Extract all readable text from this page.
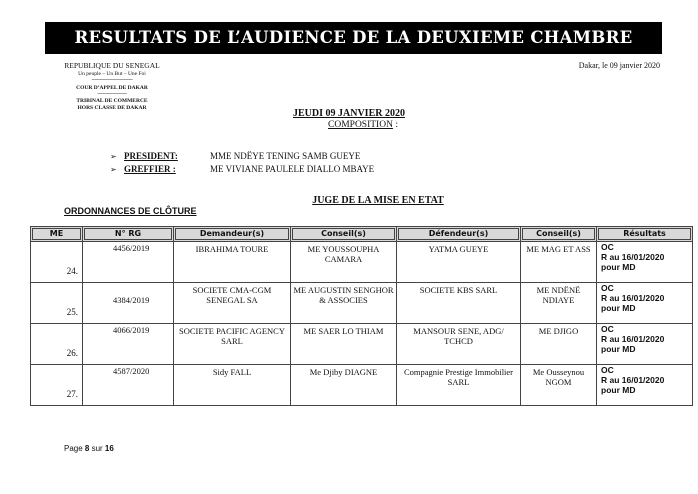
RESULTATS DE L’AUDIENCE DE LA DEUXIEME CHAMBRE
REPUBLIQUE DU SENEGAL
Un peuple – Un But – Une Foi
-----------------------------------
COUR D’APPEL DE DAKAR
-------------------------
TRIBINAL DE COMMERCE
HORS CLASSE DE DAKAR
Dakar, le 09 janvier 2020
JEUDI 09 JANVIER 2020
COMPOSITION :
➢ PRESIDENT:	MME NDËYE TENING SAMB GUEYE
➢ GREFFIER :	ME VIVIANE PAULELE DIALLO MBAYE
JUGE DE LA MISE EN ETAT
ORDONNANCES DE CLÔTURE
ME	N° RG	Demandeur(s)	Conseil(s)	Défendeur(s)	Conseil(s)	Résultats

24.	4456/2019	IBRAHIMA TOURE	ME YOUSSOUPHA CAMARA	YATMA GUEYE	ME MAG ET ASS	OC
R au 16/01/2020
pour MD

25.	4384/2019	SOCIETE CMA-CGM SENEGAL SA	ME AUGUSTIN SENGHOR & ASSOCIES	SOCIETE KBS SARL	ME NDËNË NDIAYE	OC
R au 16/01/2020
pour MD

26.	4066/2019	SOCIETE PACIFIC AGENCY SARL	ME SAER LO THIAM	MANSOUR SENE, ADG/ TCHCD	ME DJIGO	OC
R au 16/01/2020
pour MD

27.	4587/2020	Sidy FALL	Me Djiby DIAGNE	Compagnie Prestige Immobilier SARL	Me Ousseynou NGOM	OC
R au 16/01/2020
pour MD
Page 8 sur 16
